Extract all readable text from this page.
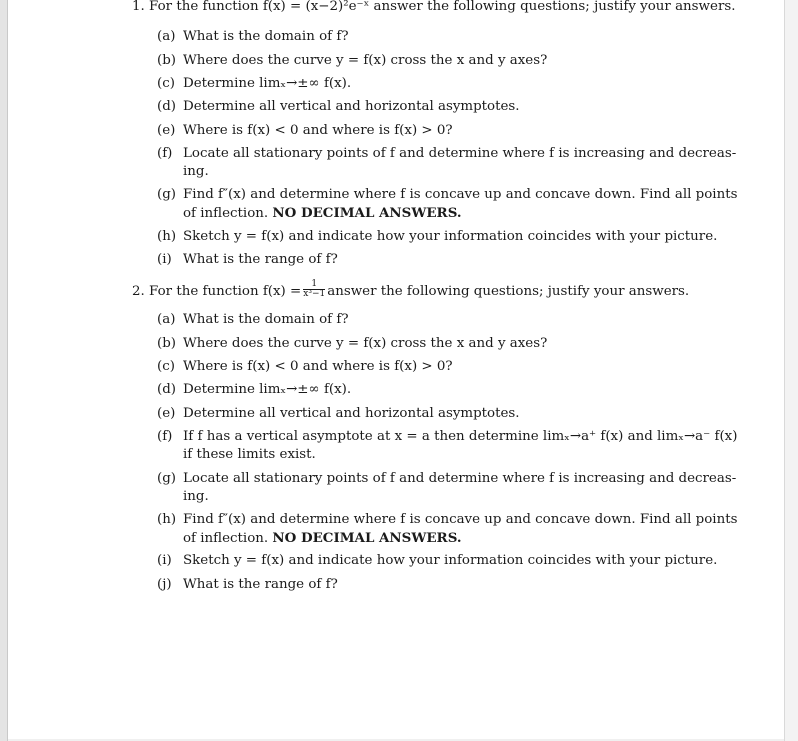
1. For the function f(x) = (x−2)²e⁻ˣ answer the following questions; justify your answers.
(a) What is the domain of f?
(b) Where does the curve y = f(x) cross the x and y axes?
(c) Determine limₓ→±∞ f(x).
(d) Determine all vertical and horizontal asymptotes.
(e) Where is f(x) < 0 and where is f(x) > 0?
(f) Locate all stationary points of f and determine where f is increasing and decreas-
ing.
(g) Find f″(x) and determine where f is concave up and concave down. Find all points
of inflection. NO DECIMAL ANSWERS.
(h) Sketch y = f(x) and indicate how your information coincides with your picture.
(i) What is the range of f?
2. For the function $f(x) = \frac{1}{\text{x³−1}}$ answer the following questions; justify your answers.
(a) What is the domain of f?
(b) Where does the curve y = f(x) cross the x and y axes?
(c) Where is f(x) < 0 and where is f(x) > 0?
(d) Determine limₓ→±∞ f(x).
(e) Determine all vertical and horizontal asymptotes.
(f) If f has a vertical asymptote at x = a then determine limₓ→a⁺ f(x) and limₓ→a⁻ f(x)
if these limits exist.
(g) Locate all stationary points of f and determine where f is increasing and decreas-
ing.
(h) Find f″(x) and determine where f is concave up and concave down. Find all points
of inflection. NO DECIMAL ANSWERS.
(i) Sketch y = f(x) and indicate how your information coincides with your picture.
(j) What is the range of f?
